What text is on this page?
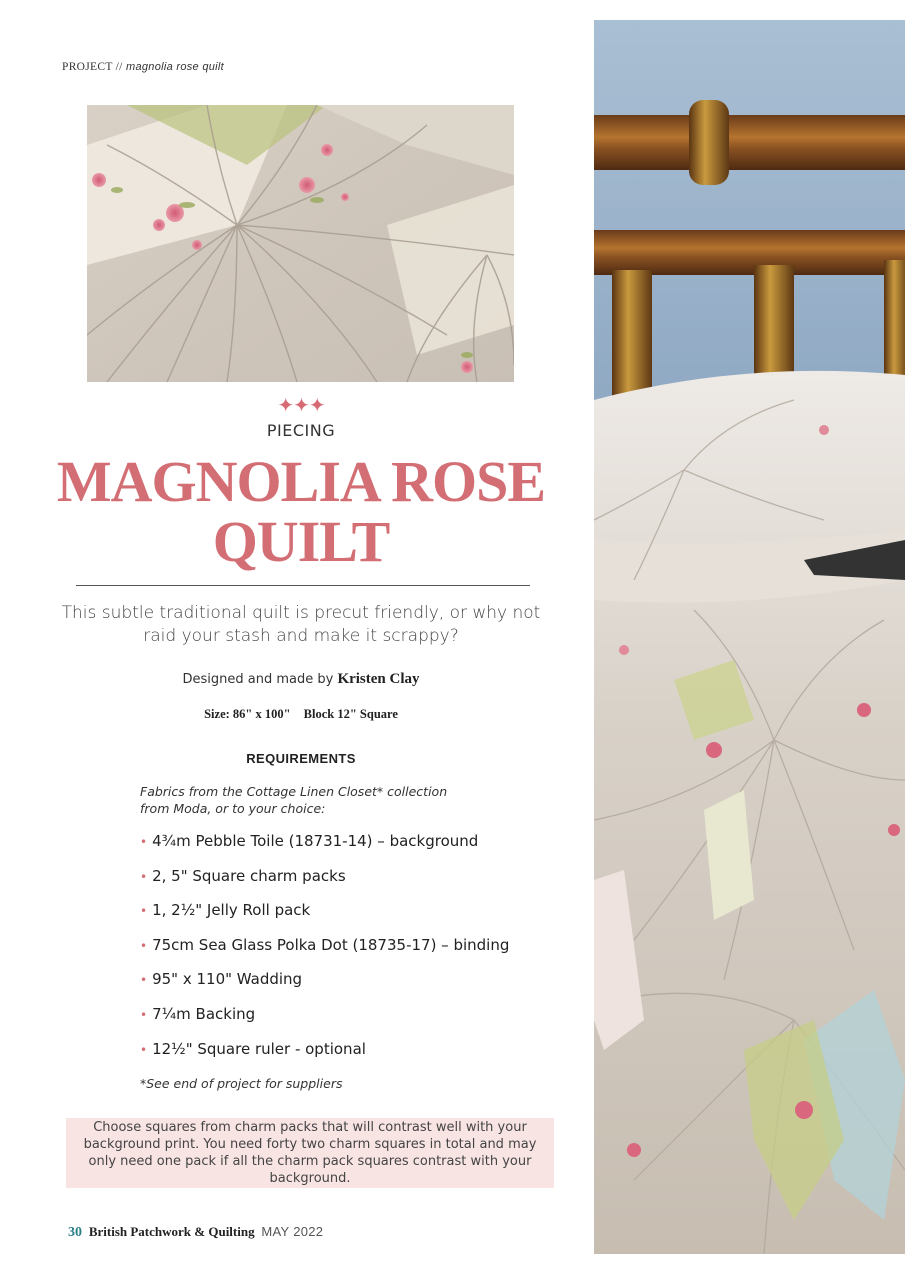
PROJECT // magnolia rose quilt
✦✦✦
PIECING
MAGNOLIA ROSE
QUILT

This subtle traditional quilt is precut friendly, or why not raid your stash and make it scrappy?

Designed and made by Kristen Clay
Size: 86" x 100" Block 12" Square
REQUIREMENTS

Fabrics from the Cottage Linen Closet* collection from Moda, or to your choice:

• 4¾m Pebble Toile (18731-14) – background
• 2, 5" Square charm packs
• 1, 2½" Jelly Roll pack
• 75cm Sea Glass Polka Dot (18735-17) – binding
• 95" x 110" Wadding
• 7¼m Backing
• 12½" Square ruler - optional

*See end of project for suppliers

Choose squares from charm packs that will contrast well with your background print. You need forty two charm squares in total and may only need one pack if all the charm pack squares contrast with your background.

30 British Patchwork & Quilting MAY 2022
